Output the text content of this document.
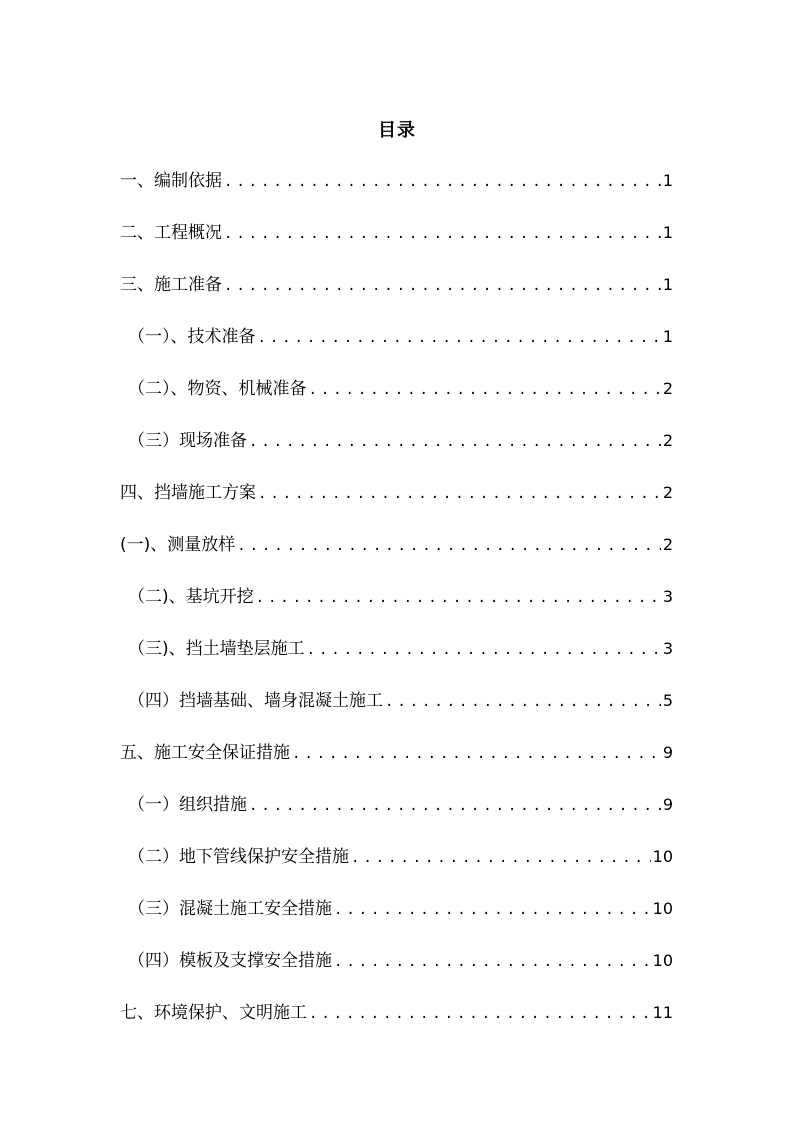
目录
一、编制依据 .....	1
二、工程概况 .....	1
三、施工准备 .....	1
（一）、技术准备 .....	1
（二）、物资、机械准备 .....	2
（三）现场准备 .....	2
四、挡墙施工方案 .....	2
(一)、测量放样 .....	2
（二)、基坑开挖 .....	3
（三)、挡土墙垫层施工 .....	3
（四）挡墙基础、墙身混凝土施工 .....	5
五、施工安全保证措施 .....	9
（一）组织措施 .....	9
（二）地下管线保护安全措施 .....	10
（三）混凝土施工安全措施 .....	10
（四）模板及支撑安全措施 .....	10
七、环境保护、文明施工 .....	11
